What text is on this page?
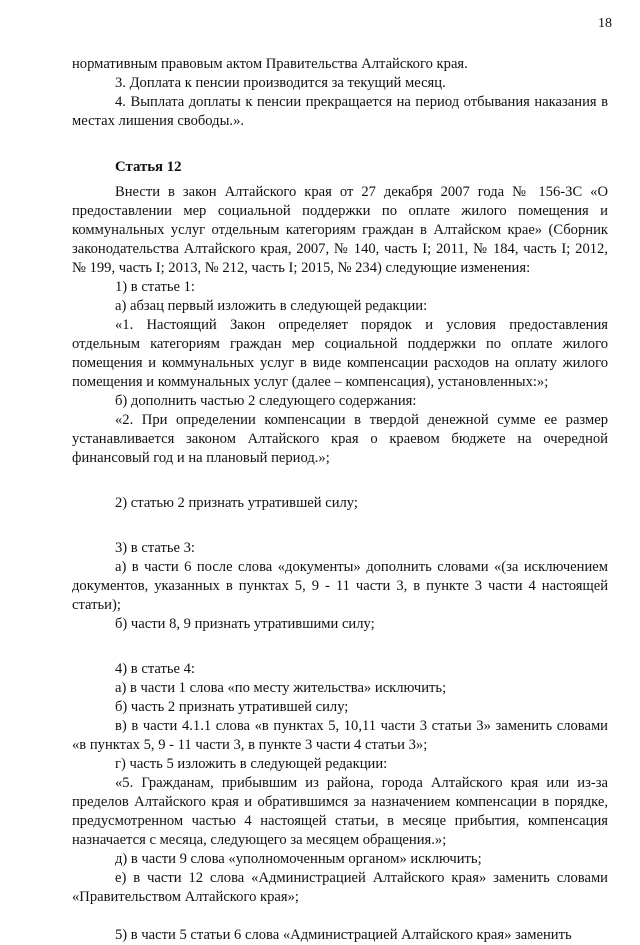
18

нормативным правовым актом Правительства Алтайского края.

3. Доплата к пенсии производится за текущий месяц.

4. Выплата доплаты к пенсии прекращается на период отбывания наказания в местах лишения свободы.».

Статья 12

Внести в закон Алтайского края от 27 декабря 2007 года № 156-ЗС «О предоставлении мер социальной поддержки по оплате жилого помещения и коммунальных услуг отдельным категориям граждан в Алтайском крае» (Сборник законодательства Алтайского края, 2007, № 140, часть I; 2011, № 184, часть I; 2012, № 199, часть I; 2013, № 212, часть I; 2015, № 234) следующие изменения:

1) в статье 1:

а) абзац первый изложить в следующей редакции:

«1. Настоящий Закон определяет порядок и условия предоставления отдельным категориям граждан мер социальной поддержки по оплате жилого помещения и коммунальных услуг в виде компенсации расходов на оплату жилого помещения и коммунальных услуг (далее – компенсация), установленных:»;

б) дополнить частью 2 следующего содержания:

«2. При определении компенсации в твердой денежной сумме ее размер устанавливается законом Алтайского края о краевом бюджете на очередной финансовый год и на плановый период.»;

2) статью 2 признать утратившей силу;

3) в статье 3:

а) в части 6 после слова «документы» дополнить словами «(за исключением документов, указанных в пунктах 5, 9 - 11 части 3, в пункте 3 части 4 настоящей статьи);

б) части 8, 9 признать утратившими силу;

4) в статье 4:

а) в части 1 слова «по месту жительства» исключить;

б) часть 2 признать утратившей силу;

в) в части 4.1.1 слова «в пунктах 5, 10,11 части 3 статьи 3» заменить словами «в пунктах 5, 9 - 11 части 3, в пункте 3 части 4 статьи 3»;

г) часть 5 изложить в следующей редакции:

«5. Гражданам, прибывшим из района, города Алтайского края или из-за пределов Алтайского края и обратившимся за назначением компенсации в порядке, предусмотренном частью 4 настоящей статьи, в месяце прибытия, компенсация назначается с месяца, следующего за месяцем обращения.»;

д) в части 9 слова «уполномоченным органом» исключить;

е) в части 12 слова «Администрацией Алтайского края» заменить словами «Правительством Алтайского края»;

5) в части 5 статьи 6 слова «Администрацией Алтайского края» заменить
